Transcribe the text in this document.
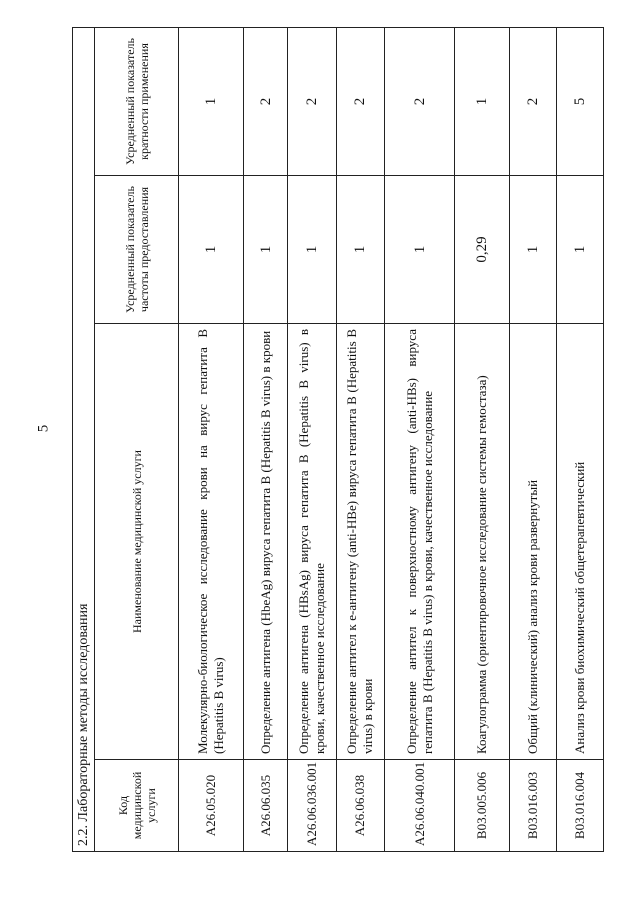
5
2.2. Лабораторные методы исследования			
Код медицинской услуги	Наименование медицинской услуги	Усредненный показатель частоты предоставления	Усредненный показатель кратности применения
A26.05.020	Молекулярно-биологическое исследование крови на вирус гепатита B (Hepatitis B virus)	1	1
A26.06.035	Определение антигена (HbeAg) вируса гепатита B (Hepatitis B virus) в крови	1	2
A26.06.036.001	Определение антигена (HBsAg) вируса гепатита B (Hepatitis B virus) в крови, качественное исследование	1	2
A26.06.038	Определение антител к e-антигену (anti-HBe) вируса гепатита B (Hepatitis B virus) в крови	1	2
A26.06.040.001	Определение антител к поверхностному антигену (anti-HBs) вируса гепатита B (Hepatitis B virus) в крови, качественное исследование	1	2
B03.005.006	Коагулограмма (ориентировочное исследование системы гемостаза)	0,29	1
B03.016.003	Общий (клинический) анализ крови развернутый	1	2
B03.016.004	Анализ крови биохимический общетерапевтический	1	5
